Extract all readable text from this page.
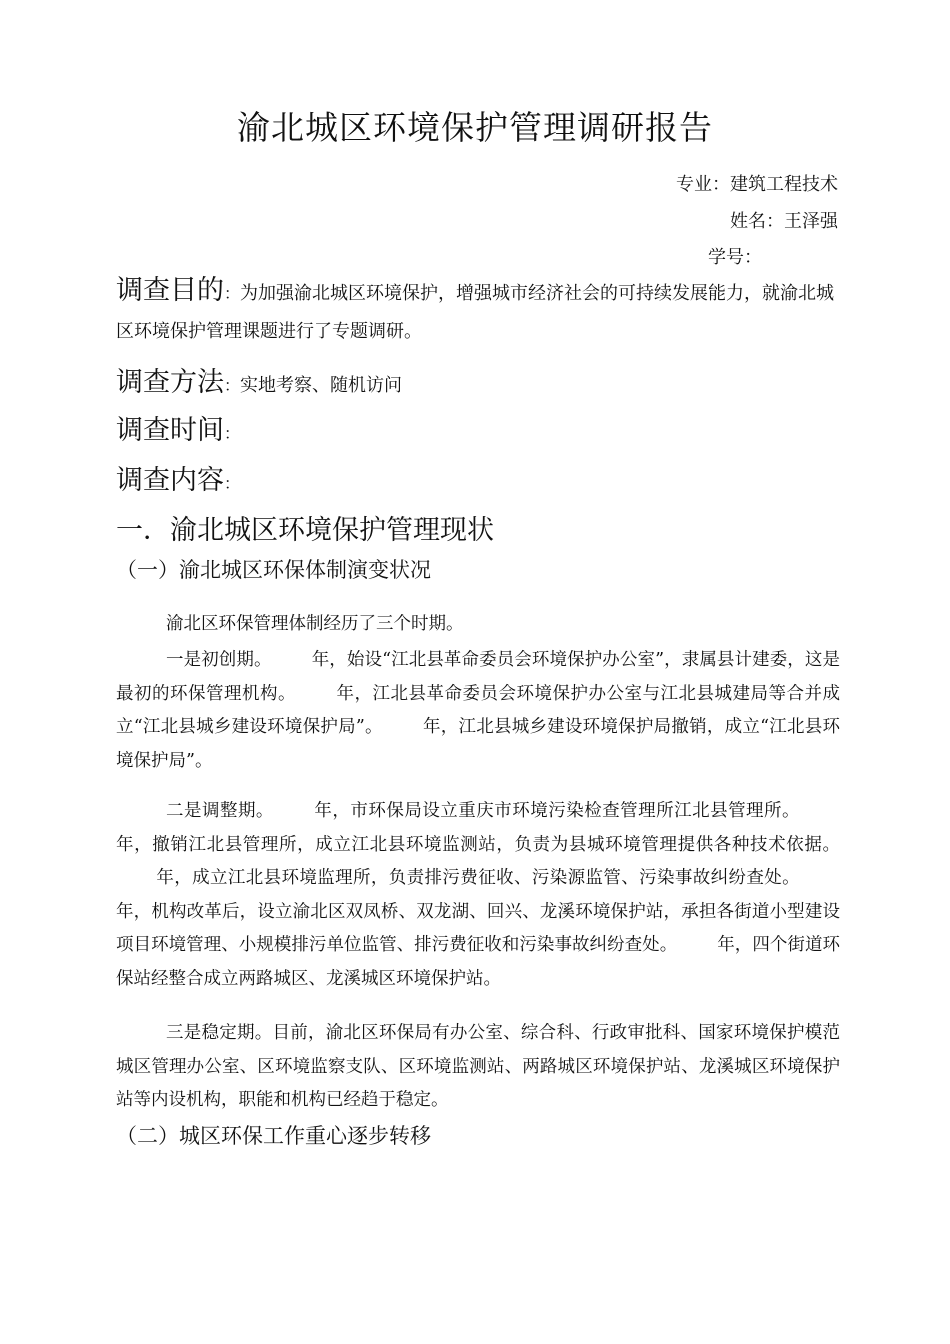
渝北城区环境保护管理调研报告
专业：建筑工程技术
姓名：王泽强
学号：
调查目的：为加强渝北城区环境保护，增强城市经济社会的可持续发展能力，就渝北城区环境保护管理课题进行了专题调研。
调查方法：实地考察、随机访问
调查时间：
调查内容：
一．渝北城区环境保护管理现状
（一）渝北城区环保体制演变状况
渝北区环保管理体制经历了三个时期。
一是初创期。 年，始设“江北县革命委员会环境保护办公室”，隶属县计建委，这是最初的环保管理机构。 年，江北县革命委员会环境保护办公室与江北县城建局等合并成立“江北县城乡建设环境保护局”。 年，江北县城乡建设环境保护局撤销，成立“江北县环境保护局”。
二是调整期。 年，市环保局设立重庆市环境污染检查管理所江北县管理所。年，撤销江北县管理所，成立江北县环境监测站，负责为县城环境管理提供各种技术依据。年，成立江北县环境监理所，负责排污费征收、污染源监管、污染事故纠纷查处。年，机构改革后，设立渝北区双凤桥、双龙湖、回兴、龙溪环境保护站，承担各街道小型建设项目环境管理、小规模排污单位监管、排污费征收和污染事故纠纷查处。 年，四个街道环保站经整合成立两路城区、龙溪城区环境保护站。
三是稳定期。目前，渝北区环保局有办公室、综合科、行政审批科、国家环境保护模范城区管理办公室、区环境监察支队、区环境监测站、两路城区环境保护站、龙溪城区环境保护站等内设机构，职能和机构已经趋于稳定。
（二）城区环保工作重心逐步转移
